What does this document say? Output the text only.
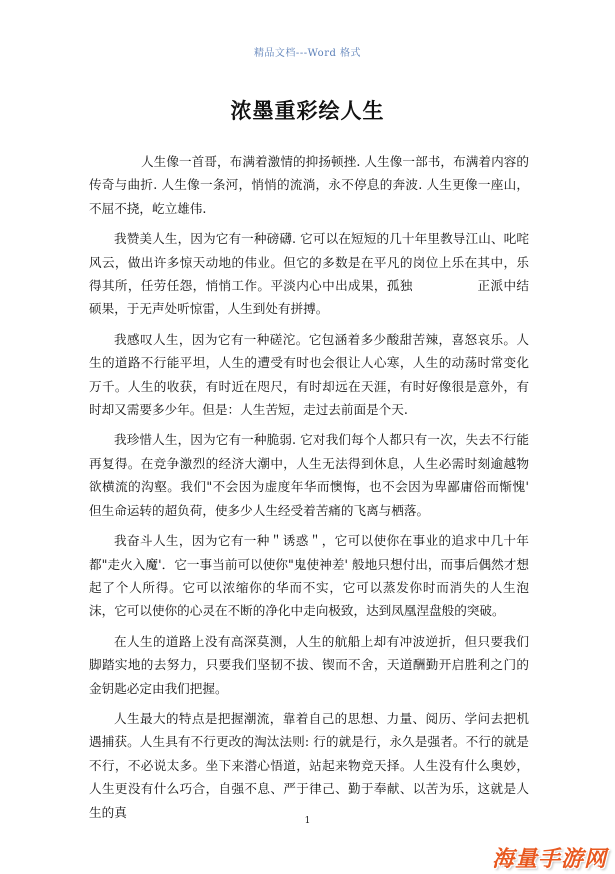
精品文档---Word 格式
浓墨重彩绘人生

人生像一首哥，布满着激情的抑扬顿挫. 人生像一部书，布满着内容的传奇与曲折. 人生像一条河，悄悄的流淌，永不停息的奔波. 人生更像一座山，不屈不挠，屹立雄伟.

我赞美人生，因为它有一种磅礴. 它可以在短短的几十年里教导江山、叱咤风云，做出许多惊天动地的伟业。但它的多数是在平凡的岗位上乐在其中，乐得其所，任劳任怨，悄悄工作。平淡内心中出成果，孤独　　　　　正派中结硕果，于无声处听惊雷，人生到处有拼搏。

我感叹人生，因为它有一种磋沱。它包涵着多少酸甜苦辣，喜怒哀乐。人生的道路不行能平坦，人生的遭受有时也会很让人心寒，人生的动荡时常变化万千。人生的收获，有时近在咫尺，有时却远在天涯，有时好像很是意外，有时却又需要多少年。但是：人生苦短，走过去前面是个天.

我珍惜人生，因为它有一种脆弱. 它对我们每个人都只有一次，失去不行能再复得。在竞争激烈的经济大潮中，人生无法得到休息，人生必需时刻逾越物欲横流的沟壑。我们"不会因为虚度年华而懊悔，也不会因为卑鄙庸俗而惭愧' 但生命运转的超负荷，使多少人生经受着苦痛的飞离与栖落。

我奋斗人生，因为它有一种＂诱惑＂，它可以使你在事业的追求中几十年都"走火入魔'．它一事当前可以使你"鬼使神差' 般地只想付出，而事后偶然才想起了个人所得。它可以浓缩你的华而不实，它可以蒸发你时而消失的人生泡沫，它可以使你的心灵在不断的净化中走向极致，达到凤凰涅盘般的突破。

在人生的道路上没有高深莫测，人生的航船上却有冲波逆折，但只要我们脚踏实地的去努力，只要我们坚韧不拔、锲而不舍，天道酬勤开启胜利之门的金钥匙必定由我们把握。

人生最大的特点是把握潮流，靠着自己的思想、力量、阅历、学问去把机遇捕获。人生具有不行更改的淘汰法则: 行的就是行，永久是强者。不行的就是不行，不必说太多。坐下来潜心悟道，站起来物竞天择。人生没有什么奥妙，人生更没有什么巧合，自强不息、严于律己、勤于奉献、以苦为乐，这就是人生的真

1
海量手游网
